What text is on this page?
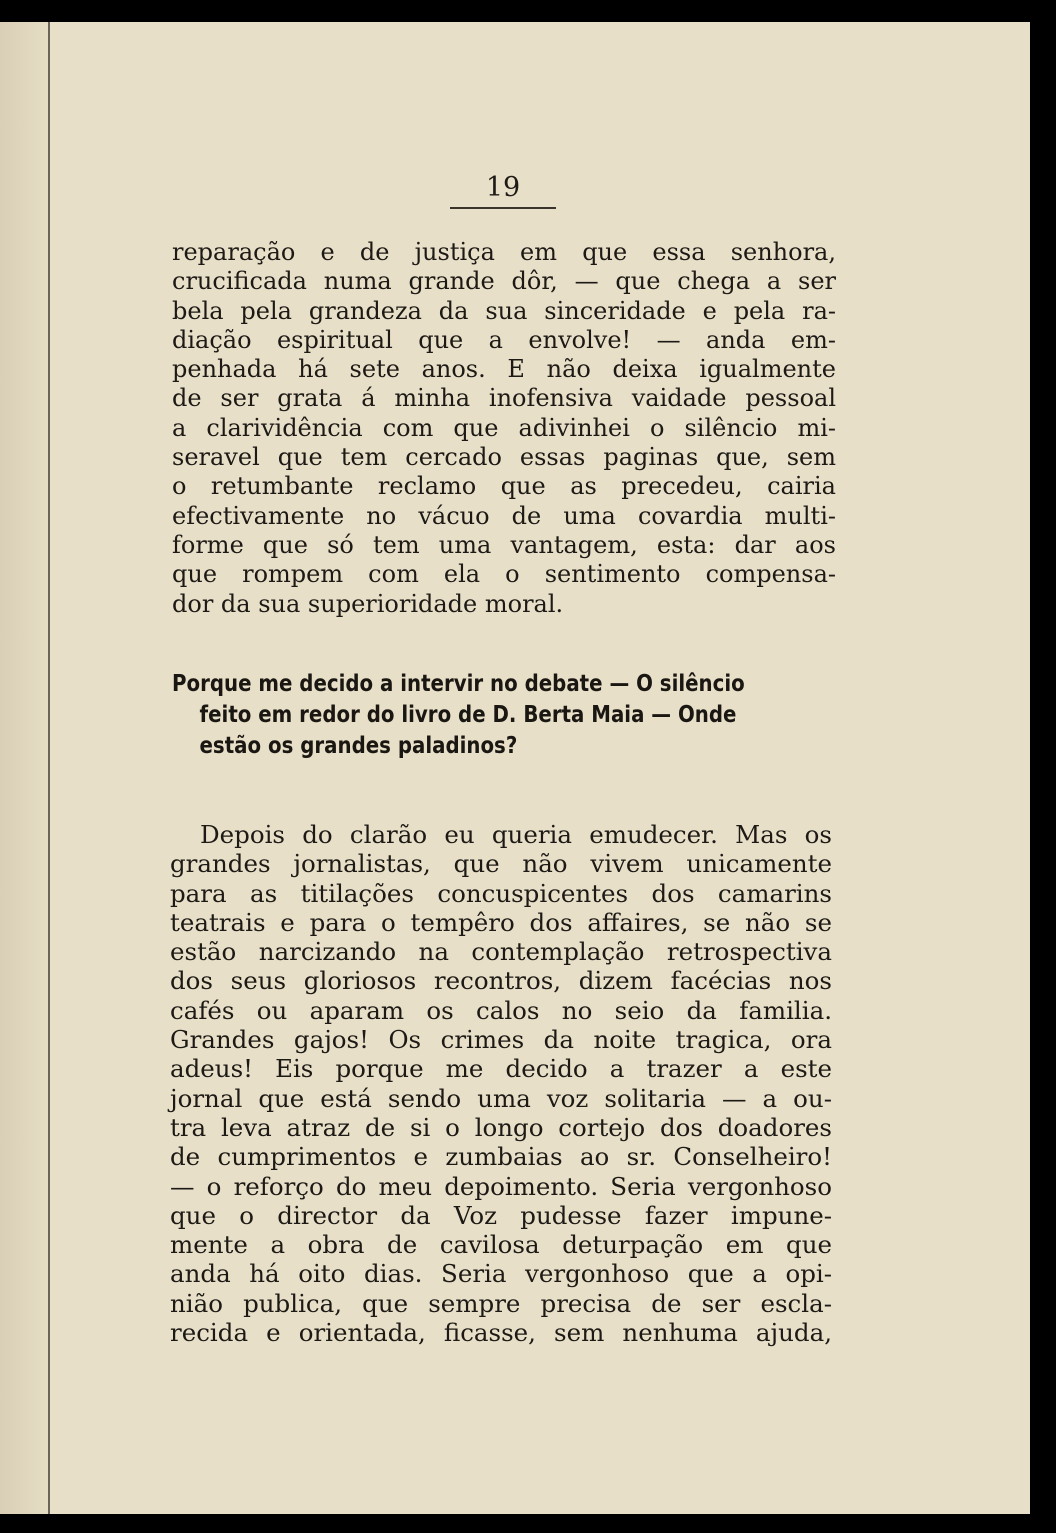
19

reparação e de justiça em que essa senhora,
crucificada numa grande dôr, — que chega a ser
bela pela grandeza da sua sinceridade e pela ra-
diação espiritual que a envolve! — anda em-
penhada há sete anos. E não deixa igualmente
de ser grata á minha inofensiva vaidade pessoal
a clarividência com que adivinhei o silêncio mi-
seravel que tem cercado essas paginas que, sem
o retumbante reclamo que as precedeu, cairia
efectivamente no vácuo de uma covardia multi-
forme que só tem uma vantagem, esta: dar aos
que rompem com ela o sentimento compensa-
dor da sua superioridade moral.

Porque me decido a intervir no debate — O silêncio
feito em redor do livro de D. Berta Maia — Onde
estão os grandes paladinos?

Depois do clarão eu queria emudecer. Mas os
grandes jornalistas, que não vivem unicamente
para as titilações concuspicentes dos camarins
teatrais e para o tempêro dos affaires, se não se
estão narcizando na contemplação retrospectiva
dos seus gloriosos recontros, dizem facécias nos
cafés ou aparam os calos no seio da familia.
Grandes gajos! Os crimes da noite tragica, ora
adeus! Eis porque me decido a trazer a este
jornal que está sendo uma voz solitaria — a ou-
tra leva atraz de si o longo cortejo dos doadores
de cumprimentos e zumbaias ao sr. Conselheiro!
— o reforço do meu depoimento. Seria vergonhoso
que o director da Voz pudesse fazer impune-
mente a obra de cavilosa deturpação em que
anda há oito dias. Seria vergonhoso que a opi-
nião publica, que sempre precisa de ser escla-
recida e orientada, ficasse, sem nenhuma ajuda,
